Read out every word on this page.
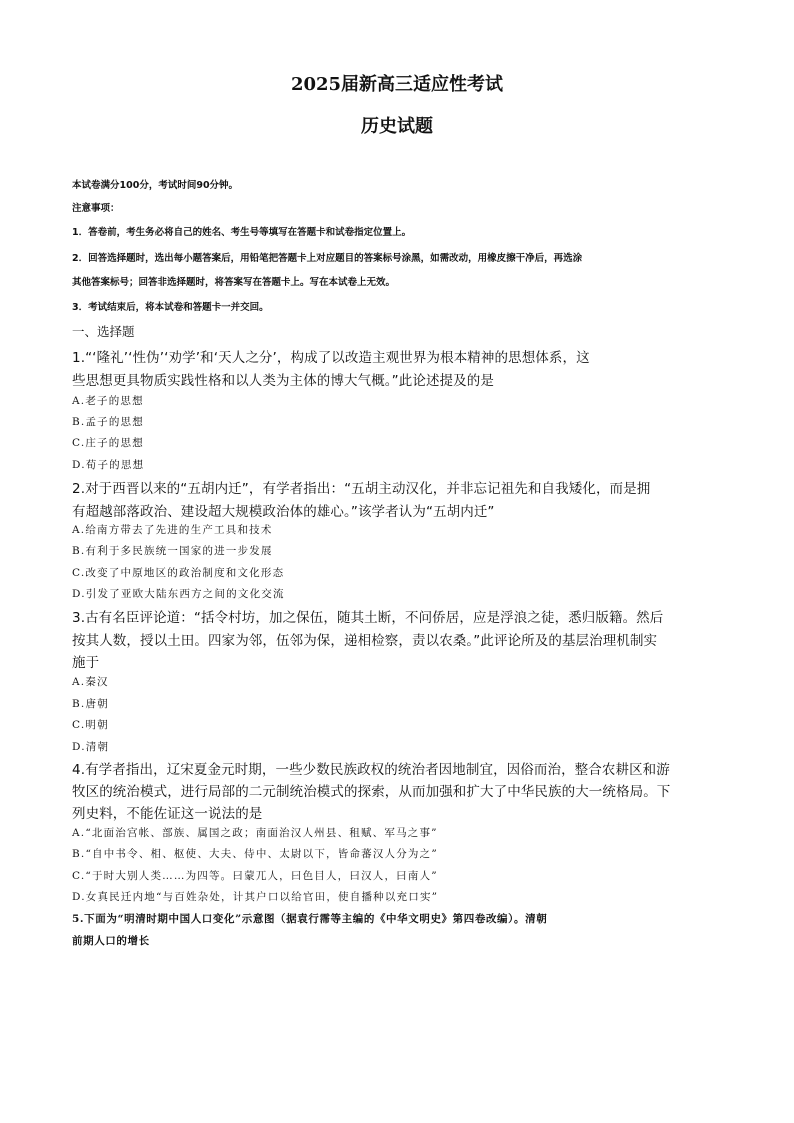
2025届新高三适应性考试
历史试题
本试卷满分100分，考试时间90分钟。
注意事项：
1．答卷前，考生务必将自己的姓名、考生号等填写在答题卡和试卷指定位置上。
2．回答选择题时，选出每小题答案后，用铅笔把答题卡上对应题目的答案标号涂黑，如需改动，用橡皮擦干净后，再选涂
其他答案标号；回答非选择题时，将答案写在答题卡上。写在本试卷上无效。
3．考试结束后，将本试卷和答题卡一并交回。
一、选择题
1.“‘隆礼’‘性伪’‘劝学’和‘天人之分’，构成了以改造主观世界为根本精神的思想体系，这
些思想更具物质实践性格和以人类为主体的博大气概。”此论述提及的是
A.老子的思想
B.孟子的思想
C.庄子的思想
D.荀子的思想
2.对于西晋以来的“五胡内迁”，有学者指出：“五胡主动汉化，并非忘记祖先和自我矮化，而是拥
有超越部落政治、建设超大规模政治体的雄心。”该学者认为“五胡内迁”
A.给南方带去了先进的生产工具和技术
B.有利于多民族统一国家的进一步发展
C.改变了中原地区的政治制度和文化形态
D.引发了亚欧大陆东西方之间的文化交流
3.古有名臣评论道：“括令村坊，加之保伍，随其土断，不问侨居，应是浮浪之徒，悉归版籍。然后
按其人数，授以土田。四家为邻，伍邻为保，递相检察，责以农桑。”此评论所及的基层治理机制实
施于
A.秦汉
B.唐朝
C.明朝
D.清朝
4.有学者指出，辽宋夏金元时期，一些少数民族政权的统治者因地制宜，因俗而治，整合农耕区和游
牧区的统治模式，进行局部的二元制统治模式的探索，从而加强和扩大了中华民族的大一统格局。下
列史料，不能佐证这一说法的是
A.“北面治宫帐、部族、属国之政；南面治汉人州县、租赋、军马之事”
B.“自中书令、相、枢使、大夫、侍中、太尉以下，皆命蕃汉人分为之”
C.“于时大别人类……为四等。曰蒙兀人，曰色目人，曰汉人，曰南人”
D.女真民迁内地“与百姓杂处，计其户口以给官田，使自播种以充口实”
5.下面为“明清时期中国人口变化”示意图（据袁行霈等主编的《中华文明史》第四卷改编）。清朝
前期人口的增长
